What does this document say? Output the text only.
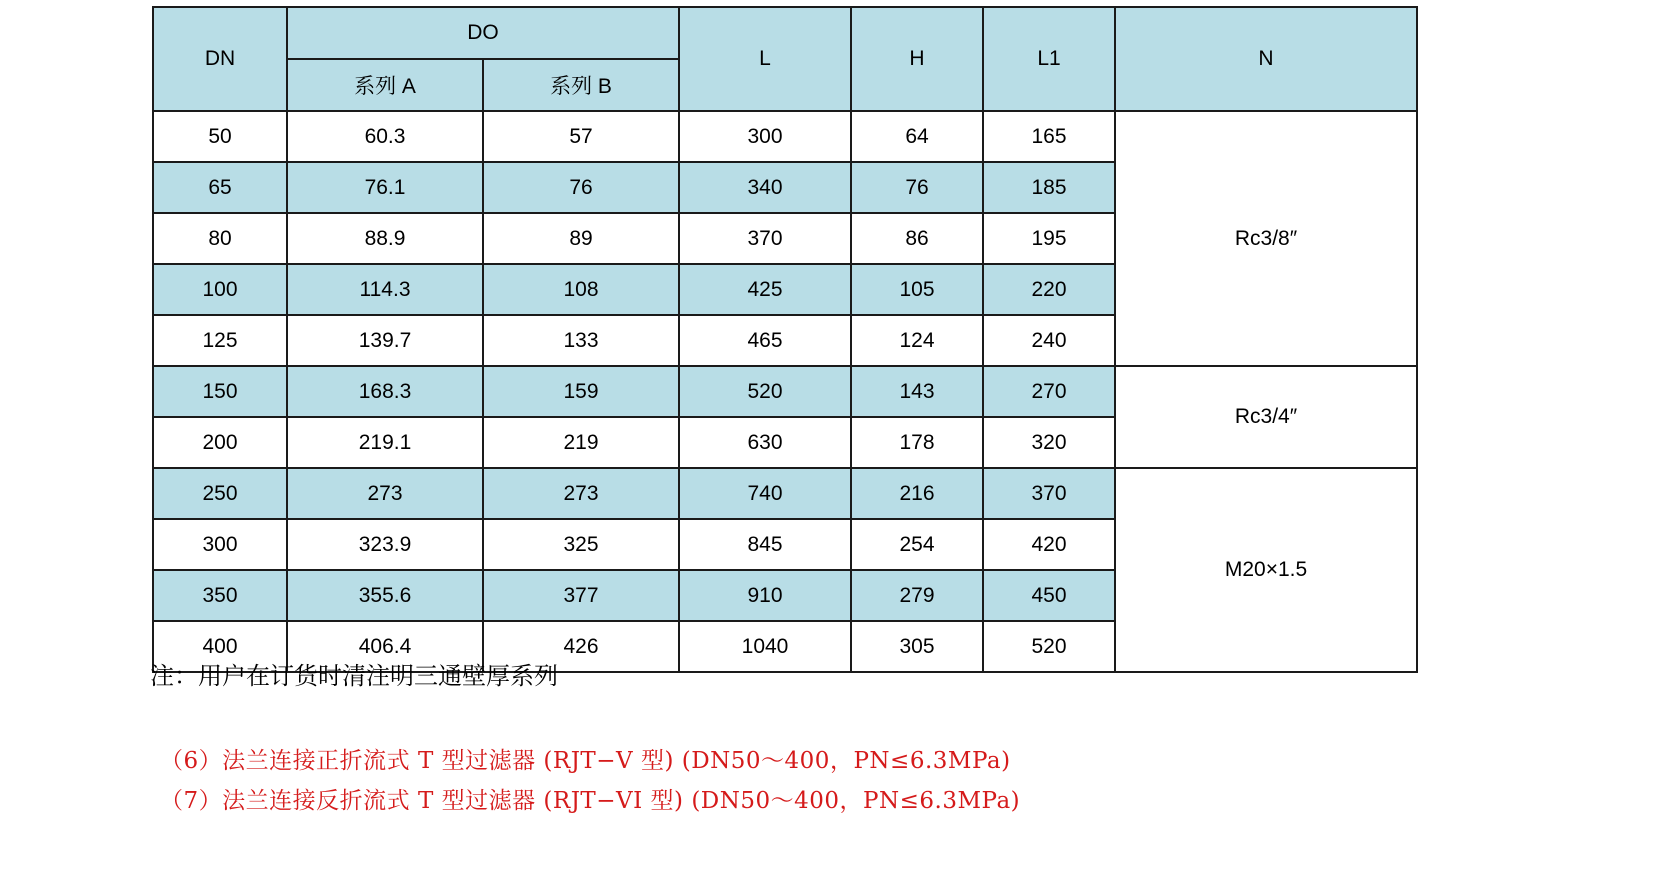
DN	DO		L	H	L1	N
	系列 A	系列 B				
50	60.3	57	300	64	165	Rc3/8″
65	76.1	76	340	76	185	
80	88.9	89	370	86	195	
100	114.3	108	425	105	220	
125	139.7	133	465	124	240	
150	168.3	159	520	143	270	Rc3/4″
200	219.1	219	630	178	320	
250	273	273	740	216	370	M20×1.5
300	323.9	325	845	254	420	
350	355.6	377	910	279	450	
400	406.4	426	1040	305	520	
注：用户在订货时清注明三通壁厚系列
（6）法兰连接正折流式 T 型过滤器 (RJT−V 型) (DN50～400，PN≤6.3MPa)
（7）法兰连接反折流式 T 型过滤器 (RJT−VI 型) (DN50～400，PN≤6.3MPa)
